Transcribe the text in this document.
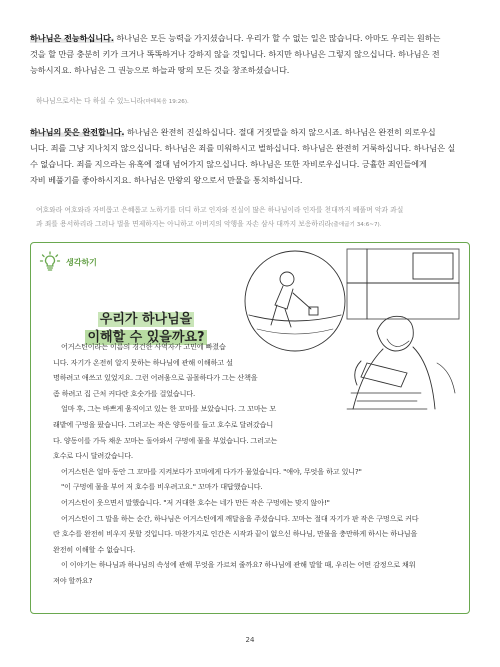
하나님은 전능하십니다. 하나님은 모든 능력을 가지셨습니다. 우리가 할 수 없는 일은 많습니다. 아마도 우리는 원하는
것을 할 만큼 충분히 키가 크거나 똑똑하거나 강하지 않을 것입니다. 하지만 하나님은 그렇지 않으십니다. 하나님은 전
능하시지요. 하나님은 그 권능으로 하늘과 땅의 모든 것을 창조하셨습니다.
하나님으로서는 다 하실 수 있느니라(마태복음 19:26).
하나님의 뜻은 완전합니다. 하나님은 완전히 진실하십니다. 절대 거짓말을 하지 않으시죠. 하나님은 완전히 의로우십
니다. 죄를 그냥 지나치지 않으십니다. 하나님은 죄를 미워하시고 벌하십니다. 하나님은 완전히 거룩하십니다. 하나님은 실
수 없습니다. 죄를 지으라는 유혹에 절대 넘어가지 않으십니다. 하나님은 또한 자비로우십니다. 긍휼한 죄인들에게
자비 베풀기를 좋아하시지요. 하나님은 만왕의 왕으로서 만물을 통치하십니다.
여호와라 여호와라 자비롭고 은혜롭고 노하기를 더디 하고 인자와 진실이 많은 하나님이라 인자를 천대까지 베풀며 악과 과실
과 죄를 용서하리라 그러나 벌을 면제하지는 아니하고 아버지의 악행을 자손 삼사 대까지 보응하리라(출애굽기 34:6~7).
생각하기
우리가 하나님을
이해할 수 있을까요?

어거스틴이라는 이름의 경건한 사역자가 고민에 빠졌습

니다. 자기가 온전히 알지 못하는 하나님에 관해 이해하고 설

명하려고 애쓰고 있었지요. 그런 어려움으로 골몰하다가 그는 산책을

좀 하려고 집 근처 커다란 호숫가를 걸었습니다.

얼마 후, 그는 바쁘게 움직이고 있는 한 꼬마를 보았습니다. 그 꼬마는 모

래밭에 구멍을 팠습니다. 그러고는 작은 양동이를 들고 호수로 달려갔습니

다. 양동이를 가득 채운 꼬마는 돌아와서 구멍에 물을 부었습니다. 그러고는

호수로 다시 달려갔습니다.

어거스틴은 얼마 동안 그 꼬마를 지켜보다가 꼬마에게 다가가 물었습니다. "애야, 무엇을 하고 있니?"

"이 구멍에 물을 부어 저 호수를 비우려고요." 꼬마가 대답했습니다.

어거스틴이 웃으면서 말했습니다. "저 거대한 호수는 네가 만든 작은 구멍에는 맞지 않아!"

어거스틴이 그 말을 하는 순간, 하나님은 어거스틴에게 깨달음을 주셨습니다. 꼬마는 절대 자기가 판 작은 구멍으로 커다

란 호수를 완전히 비우지 못할 것입니다. 마찬가지로 인간은 시작과 끝이 없으신 하나님, 만물을 충만하게 하시는 하나님을

완전히 이해할 수 없습니다.

이 이야기는 하나님과 하나님의 속성에 관해 무엇을 가르쳐 줄까요? 하나님에 관해 말할 때, 우리는 어떤 감정으로 채워

져야 할까요?

24
